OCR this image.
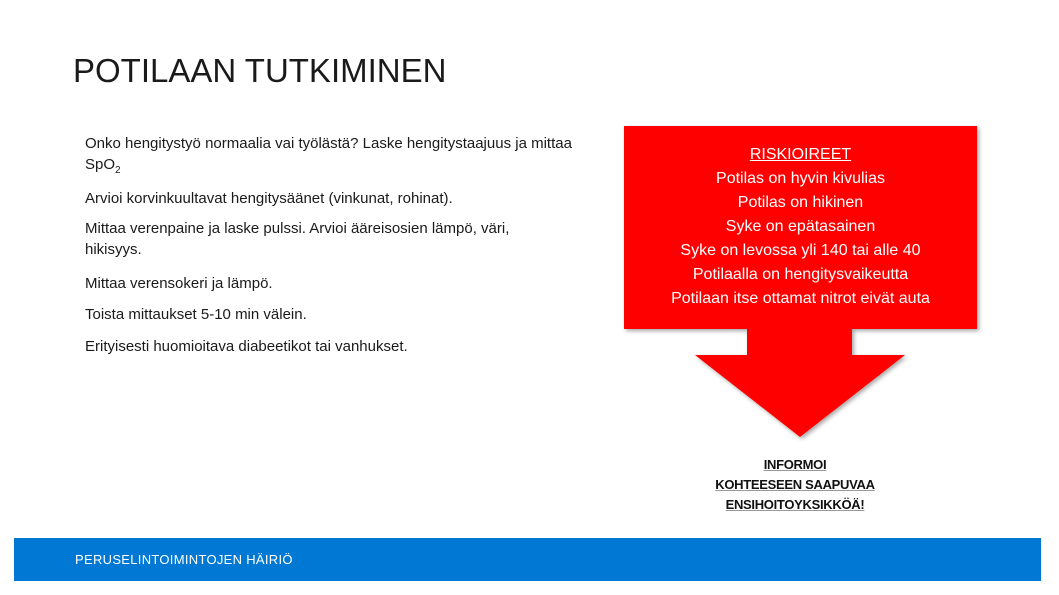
POTILAAN TUTKIMINEN

Onko hengitystyö normaalia vai työlästä? Laske hengitystaajuus ja mittaa SpO$_2$

Arvioi korvinkuultavat hengitysäänet (vinkunat, rohinat).

Mittaa verenpaine ja laske pulssi. Arvioi ääreisosien lämpö, väri, hikisyys.

Mittaa verensokeri ja lämpö.

Toista mittaukset 5-10 min välein.

Erityisesti huomioitava diabeetikot tai vanhukset.

RISKIOIREET
Potilas on hyvin kivulias
Potilas on hikinen
Syke on epätasainen
Syke on levossa yli 140 tai alle 40
Potilaalla on hengitysvaikeutta
Potilaan itse ottamat nitrot eivät auta
INFORMOI
KOHTEESEEN SAAPUVAA
ENSIHOITOYKSIKKÖÄ!
PERUSELINTOIMINTOJEN HÄIRIÖ
